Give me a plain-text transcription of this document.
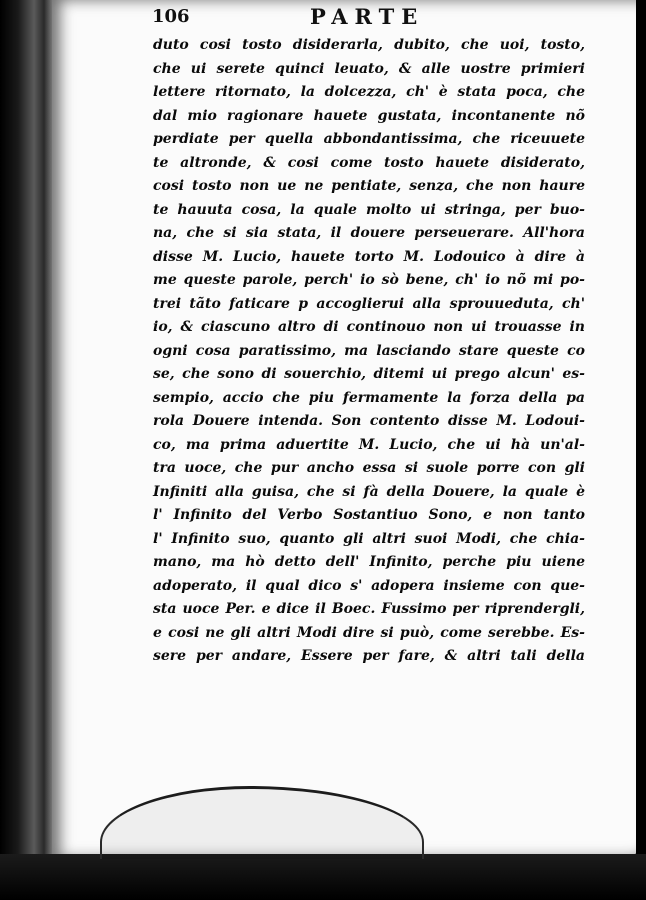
106	PARTE
duto cosi tosto disiderarla, dubito, che uoi, tosto,
che ui serete quinci leuato, & alle uostre primieri
lettere ritornato, la dolcezza, ch' è stata poca, che
dal mio ragionare hauete gustata, incontanente nõ
perdiate per quella abbondantissima, che riceuuete
te altronde, & cosi come tosto hauete disiderato,
cosi tosto non ue ne pentiate, senza, che non haure
te hauuta cosa, la quale molto ui stringa, per buo-
na, che si sia stata, il douere perseuerare. All'hora
disse M. Lucio, hauete torto M. Lodouico à dire à
me queste parole, perch' io sò bene, ch' io nõ mi po-
trei tãto faticare p accoglierui alla sprouueduta, ch'
io, & ciascuno altro di continouo non ui trouasse in
ogni cosa paratissimo, ma lasciando stare queste co
se, che sono di souerchio, ditemi ui prego alcun' es-
sempio, accio che piu fermamente la forza della pa
rola Douere intenda. Son contento disse M. Lodoui-
co, ma prima aduertite M. Lucio, che ui hà un'al-
tra uoce, che pur ancho essa si suole porre con gli
Infiniti alla guisa, che si fà della Douere, la quale è
l' Infinito del Verbo Sostantiuo Sono, e non tanto
l' Infinito suo, quanto gli altri suoi Modi, che chia-
mano, ma hò detto dell' Infinito, perche piu uiene
adoperato, il qual dico s' adopera insieme con que-
sta uoce Per. e dice il Boec. Fussimo per riprendergli,
e cosi ne gli altri Modi dire si può, come serebbe. Es-
sere per andare, Essere per fare, & altri tali della
